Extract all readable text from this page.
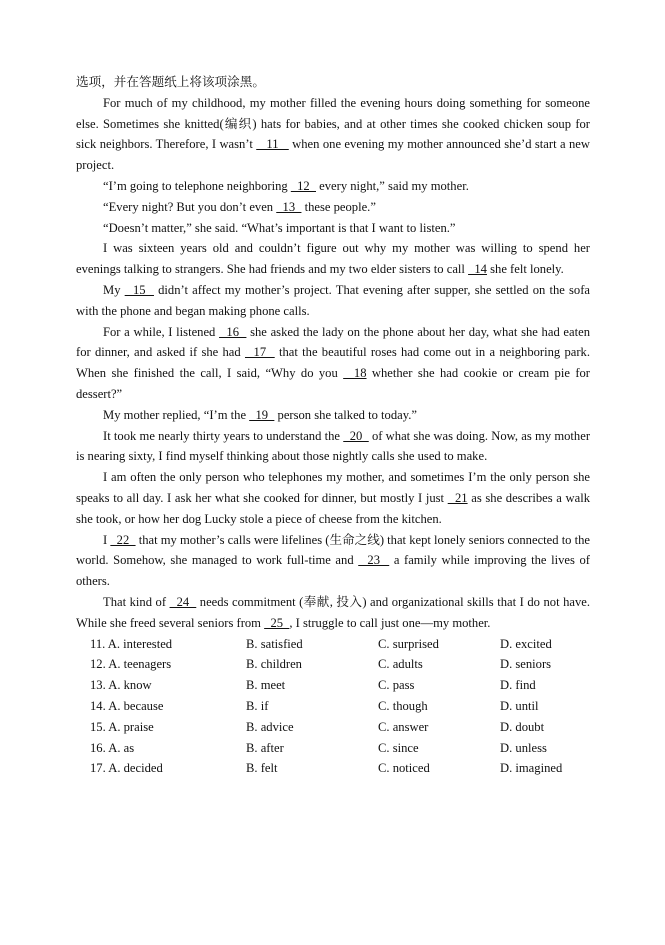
选项，并在答题纸上将该项涂黑。

For much of my childhood, my mother filled the evening hours doing something for someone else. Sometimes she knitted(编织) hats for babies, and at other times she cooked chicken soup for sick neighbors. Therefore, I wasn’t    11    when one evening my mother announced she’d start a new project.

“I’m going to telephone neighboring   12   every night,” said my mother.

“Every night? But you don’t even   13   these people.”

“Doesn’t matter,” she said. “What’s important is that I want to listen.”

I was sixteen years old and couldn’t figure out why my mother was willing to spend her evenings talking to strangers. She had friends and my two elder sisters to call   14 she felt lonely.

My   15   didn’t affect my mother’s project. That evening after supper, she settled on the sofa with the phone and began making phone calls.

For a while, I listened   16   she asked the lady on the phone about her day, what she had eaten for dinner, and asked if she had   17   that the beautiful roses had come out in a neighboring park. When she finished the call, I said, “Why do you   18 whether she had cookie or cream pie for dessert?”

My mother replied, “I’m the   19   person she talked to today.”

It took me nearly thirty years to understand the   20   of what she was doing. Now, as my mother is nearing sixty, I find myself thinking about those nightly calls she used to make.

I am often the only person who telephones my mother, and sometimes I’m the only person she speaks to all day. I ask her what she cooked for dinner, but mostly I just   21 as she describes a walk she took, or how her dog Lucky stole a piece of cheese from the kitchen.

I   22   that my mother’s calls were lifelines (生命之线) that kept lonely seniors connected to the world. Somehow, she managed to work full-time and   23   a family while improving the lives of others.

That kind of   24   needs commitment (奉献, 投入) and organizational skills that I do not have. While she freed several seniors from   25  , I struggle to call just one—my mother.

11. A. interested	B. satisfied	C. surprised	D. excited
12. A. teenagers	B. children	C. adults	D. seniors
13. A. know	B. meet	C. pass	D. find
14. A. because	B. if	C. though	D. until
15. A. praise	B. advice	C. answer	D. doubt
16. A. as	B. after	C. since	D. unless
17. A. decided	B. felt	C. noticed	D. imagined
